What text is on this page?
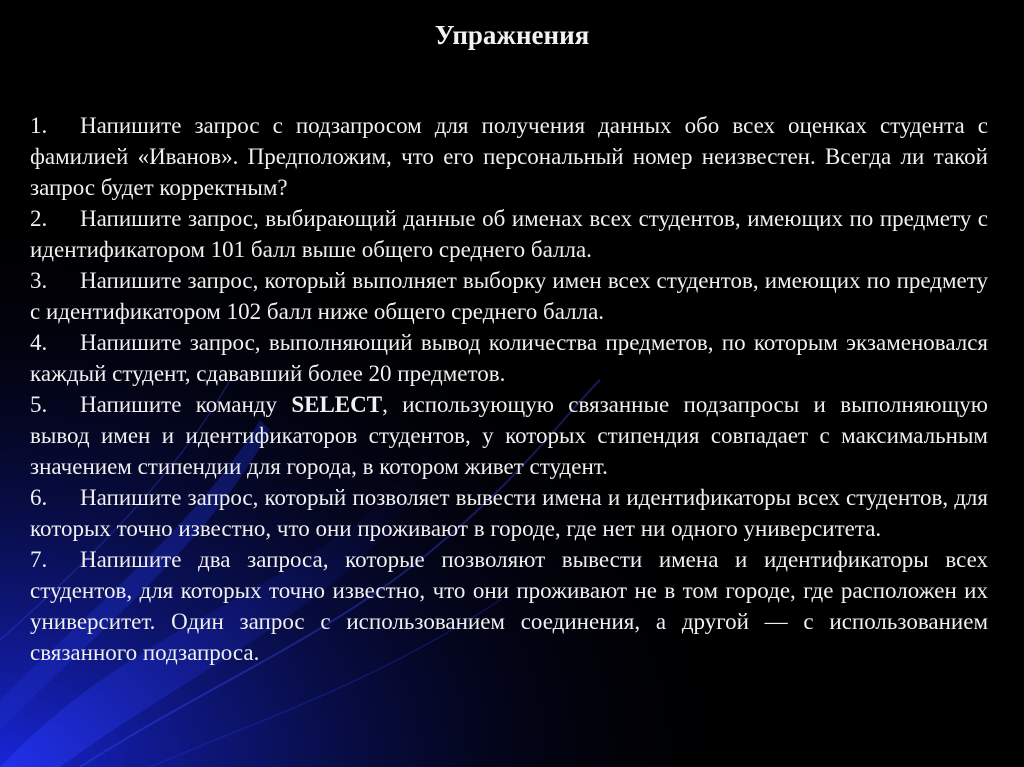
Упражнения
1. Напишите запрос с подзапросом для получения данных обо всех оценках студента с фамилией «Иванов». Предположим, что его персональный номер неизвестен. Всегда ли такой запрос будет корректным?
2. Напишите запрос, выбирающий данные об именах всех студентов, имеющих по предмету с идентификатором 101 балл выше общего среднего балла.
3. Напишите запрос, который выполняет выборку имен всех студентов, имеющих по предмету с идентификатором 102 балл ниже общего среднего балла.
4. Напишите запрос, выполняющий вывод количества предметов, по которым экзаменовался каждый студент, сдававший более 20 предметов.
5. Напишите команду SELECT, использующую связанные подзапросы и выполняющую вывод имен и идентификаторов студентов, у которых стипендия совпадает с максимальным значением стипендии для города, в котором живет студент.
6. Напишите запрос, который позволяет вывести имена и идентификаторы всех студентов, для которых точно известно, что они проживают в городе, где нет ни одного университета.
7. Напишите два запроса, которые позволяют вывести имена и идентификаторы всех студентов, для которых точно известно, что они проживают не в том городе, где расположен их университет. Один запрос с использованием соединения, а другой — с использованием связанного подзапроса.
